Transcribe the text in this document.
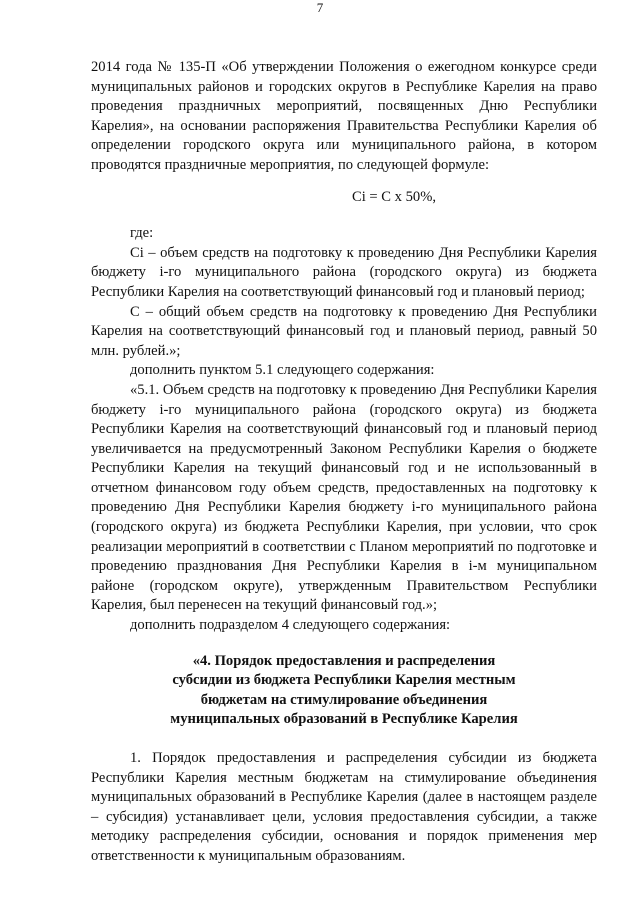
7

2014 года № 135-П «Об утверждении Положения о ежегодном конкурсе среди муниципальных районов и городских округов в Республике Карелия на право проведения праздничных мероприятий, посвященных Дню Республики Карелия», на основании распоряжения Правительства Республики Карелия об определении городского округа или муниципального района, в котором проводятся праздничные мероприятия, по следующей формуле:

Ci = С х 50%,

где:

Ci – объем средств на подготовку к проведению Дня Республики Карелия бюджету i-го муниципального района (городского округа) из бюджета Республики Карелия на соответствующий финансовый год и плановый период;

С – общий объем средств на подготовку к проведению Дня Республики Карелия на соответствующий финансовый год и плановый период, равный 50 млн. рублей.»;

дополнить пунктом 5.1 следующего содержания:

«5.1. Объем средств на подготовку к проведению Дня Республики Карелия бюджету i-го муниципального района (городского округа) из бюджета Республики Карелия на соответствующий финансовый год и плановый период увеличивается на предусмотренный Законом Республики Карелия о бюджете Республики Карелия на текущий финансовый год и не использованный в отчетном финансовом году объем средств, предоставленных на подготовку к проведению Дня Республики Карелия бюджету i-го муниципального района (городского округа) из бюджета Республики Карелия, при условии, что срок реализации мероприятий в соответствии с Планом мероприятий по подготовке и проведению празднования Дня Республики Карелия в i-м муниципальном районе (городском округе), утвержденным Правительством Республики Карелия, был перенесен на текущий финансовый год.»;

дополнить подразделом 4 следующего содержания:

«4. Порядок предоставления и распределения
субсидии из бюджета Республики Карелия местным
бюджетам на стимулирование объединения
муниципальных образований в Республике Карелия

1. Порядок предоставления и распределения субсидии из бюджета Республики Карелия местным бюджетам на стимулирование объединения муниципальных образований в Республике Карелия (далее в настоящем разделе – субсидия) устанавливает цели, условия предоставления субсидии, а также методику распределения субсидии, основания и порядок применения мер ответственности к муниципальным образованиям.
